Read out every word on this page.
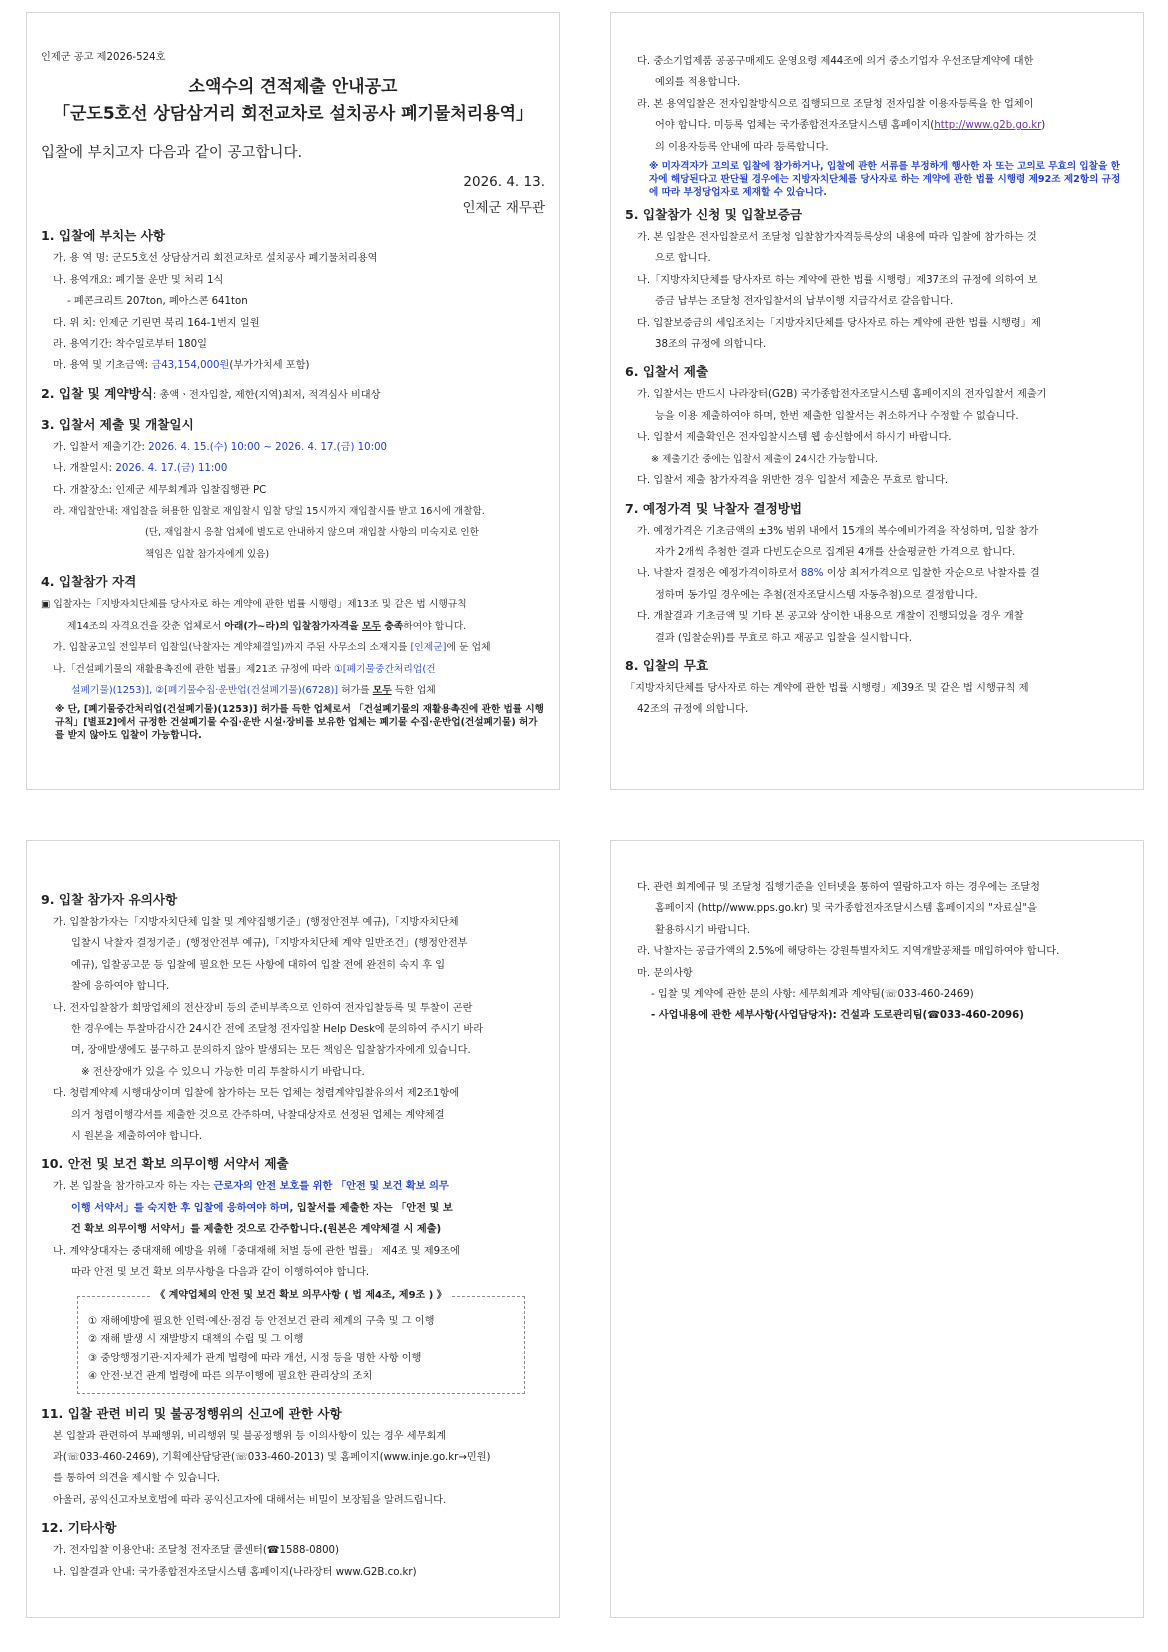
인제군 공고 제2026-524호
소액수의 견적제출 안내공고
「군도5호선 상담삼거리 회전교차로 설치공사 폐기물처리용역」
입찰에 부치고자 다음과 같이 공고합니다.
2026. 4. 13.
인제군 재무관
1. 입찰에 부치는 사항
가. 용 역 명: 군도5호선 상담삼거리 회전교차로 설치공사 폐기물처리용역
나. 용역개요: 폐기물 운반 및 처리 1식
- 폐콘크리트 207ton, 폐아스콘 641ton
다. 위 치: 인제군 기린면 북리 164-1번지 일원
라. 용역기간: 착수일로부터 180일
마. 용역 및 기초금액: 금43,154,000원(부가가치세 포함)
2. 입찰 및 계약방식: 총액ㆍ전자입찰, 제한(지역)최저, 적격심사 비대상
3. 입찰서 제출 및 개찰일시
가. 입찰서 제출기간: 2026. 4. 15.(수) 10:00 ~ 2026. 4. 17.(금) 10:00
나. 개찰일시: 2026. 4. 17.(금) 11:00
다. 개찰장소: 인제군 세무회계과 입찰집행관 PC
라. 재입찰안내: 재입찰을 허용한 입찰로 재입찰시 입찰 당일 15시까지 재입찰시를 받고 16시에 개찰함.
(단, 재입찰시 응찰 업체에 별도로 안내하지 않으며 재입찰 사항의 미숙지로 인한
책임은 입찰 참가자에게 있음)
4. 입찰참가 자격
▣ 입찰자는「지방자치단체를 당사자로 하는 계약에 관한 법률 시행령」제13조 및 같은 법 시행규칙
제14조의 자격요건을 갖춘 업체로서 아래(가~라)의 입찰참가자격을 모두 충족하여야 합니다.
가. 입찰공고일 전일부터 입찰일(낙찰자는 계약체결일)까지 주된 사무소의 소재지를 [인제군]에 둔 업체
나.「건설폐기물의 재활용촉진에 관한 법률」제21조 규정에 따라 ①[폐기물중간처리업(건
설폐기물)(1253)], ②[폐기물수집·운반업(건설폐기물)(6728)] 허가를 모두 득한 업체
※ 단, [폐기물중간처리업(건설폐기물)(1253)] 허가를 득한 업체로서 「건설폐기물의 재활용촉진에 관한 법률 시행규칙」[별표2]에서 규정한 건설폐기물 수집·운반 시설·장비를 보유한 업체는 폐기물 수집·운반업(건설폐기물) 허가를 받지 않아도 입찰이 가능합니다.
다. 중소기업제품 공공구매제도 운영요령 제44조에 의거 중소기업자 우선조달계약에 대한
예외를 적용합니다.
라. 본 용역입찰은 전자입찰방식으로 집행되므로 조달청 전자입찰 이용자등록을 한 업체이
어야 합니다. 미등록 업체는 국가종합전자조달시스템 홈페이지(http://www.g2b.go.kr)
의 이용자등록 안내에 따라 등록합니다.
※ 미자격자가 고의로 입찰에 참가하거나, 입찰에 관한 서류를 부정하게 행사한 자 또는 고의로 무효의 입찰을 한 자에 해당된다고 판단될 경우에는 지방자치단체를 당사자로 하는 계약에 관한 법률 시행령 제92조 제2항의 규정에 따라 부정당업자로 제재할 수 있습니다.
5. 입찰참가 신청 및 입찰보증금
가. 본 입찰은 전자입찰로서 조달청 입찰참가자격등록상의 내용에 따라 입찰에 참가하는 것
으로 합니다.
나.「지방자치단체를 당사자로 하는 계약에 관한 법률 시행령」제37조의 규정에 의하여 보
증금 납부는 조달청 전자입찰서의 납부이행 지급각서로 갈음합니다.
다. 입찰보증금의 세입조치는「지방자치단체를 당사자로 하는 계약에 관한 법률 시행령」제
38조의 규정에 의합니다.
6. 입찰서 제출
가. 입찰서는 반드시 나라장터(G2B) 국가종합전자조달시스템 홈페이지의 전자입찰서 제출기
능을 이용 제출하여야 하며, 한번 제출한 입찰서는 취소하거나 수정할 수 없습니다.
나. 입찰서 제출확인은 전자입찰시스템 웹 송신함에서 하시기 바랍니다.
※ 제출기간 중에는 입찰서 제출이 24시간 가능합니다.
다. 입찰서 제출 참가자격을 위반한 경우 입찰서 제출은 무효로 합니다.
7. 예정가격 및 낙찰자 결정방법
가. 예정가격은 기초금액의 ±3% 범위 내에서 15개의 복수예비가격을 작성하며, 입찰 참가
자가 2개씩 추첨한 결과 다빈도순으로 집계된 4개를 산술평균한 가격으로 합니다.
나. 낙찰자 결정은 예정가격이하로서 88% 이상 최저가격으로 입찰한 자순으로 낙찰자를 결
정하며 동가일 경우에는 추첨(전자조달시스템 자동추첨)으로 결정합니다.
다. 개찰결과 기초금액 및 기타 본 공고와 상이한 내용으로 개찰이 진행되었을 경우 개찰
결과 (입찰순위)를 무효로 하고 재공고 입찰을 실시합니다.
8. 입찰의 무효
「지방자치단체를 당사자로 하는 계약에 관한 법률 시행령」제39조 및 같은 법 시행규칙 제
42조의 규정에 의합니다.
9. 입찰 참가자 유의사항
가. 입찰참가자는「지방자치단체 입찰 및 계약집행기준」(행정안전부 예규),「지방자치단체
입찰시 낙찰자 결정기준」(행정안전부 예규),「지방자치단체 계약 일반조건」(행정안전부
예규), 입찰공고문 등 입찰에 필요한 모든 사항에 대하여 입찰 전에 완전히 숙지 후 입
찰에 응하여야 합니다.
나. 전자입찰참가 희망업체의 전산장비 등의 준비부족으로 인하여 전자입찰등록 및 투찰이 곤란
한 경우에는 투찰마감시간 24시간 전에 조달청 전자입찰 Help Desk에 문의하여 주시기 바라
며, 장애발생에도 불구하고 문의하지 않아 발생되는 모든 책임은 입찰참가자에게 있습니다.
※ 전산장애가 있을 수 있으니 가능한 미리 투찰하시기 바랍니다.
다. 청렴계약제 시행대상이며 입찰에 참가하는 모든 업체는 청렴계약입찰유의서 제2조1항에
의거 청렴이행각서를 제출한 것으로 간주하며, 낙찰대상자로 선정된 업체는 계약체결
시 원본을 제출하여야 합니다.
10. 안전 및 보건 확보 의무이행 서약서 제출
가. 본 입찰을 참가하고자 하는 자는 근로자의 안전 보호를 위한 「안전 및 보건 확보 의무
이행 서약서」를 숙지한 후 입찰에 응하여야 하며, 입찰서를 제출한 자는 「안전 및 보
건 확보 의무이행 서약서」를 제출한 것으로 간주합니다.(원본은 계약체결 시 제출)
나. 계약상대자는 중대재해 예방을 위해「중대재해 처벌 등에 관한 법률」 제4조 및 제9조에
따라 안전 및 보건 확보 의무사항을 다음과 같이 이행하여야 합니다.
《 계약업체의 안전 및 보건 확보 의무사항 ( 법 제4조, 제9조 ) 》
① 재해예방에 필요한 인력·예산·점검 등 안전보건 관리 체계의 구축 및 그 이행
② 재해 발생 시 재발방지 대책의 수립 및 그 이행
③ 중앙행정기관·지자체가 관계 법령에 따라 개선, 시정 등을 명한 사항 이행
④ 안전·보건 관계 법령에 따른 의무이행에 필요한 관리상의 조치
11. 입찰 관련 비리 및 불공정행위의 신고에 관한 사항
본 입찰과 관련하여 부패행위, 비리행위 및 불공정행위 등 이의사항이 있는 경우 세무회계
과(☏033-460-2469), 기획예산담당관(☏033-460-2013) 및 홈페이지(www.inje.go.kr→민원)
를 통하여 의견을 제시할 수 있습니다.
아울러, 공익신고자보호법에 따라 공익신고자에 대해서는 비밀이 보장됨을 알려드립니다.
12. 기타사항
가. 전자입찰 이용안내: 조달청 전자조달 콜센터(☎1588-0800)
나. 입찰결과 안내: 국가종합전자조달시스템 홈페이지(나라장터 www.G2B.co.kr)
다. 관련 회계예규 및 조달청 집행기준을 인터넷을 통하여 열람하고자 하는 경우에는 조달청
홈페이지 (http//www.pps.go.kr) 및 국가종합전자조달시스템 홈페이지의 "자료실"을
활용하시기 바랍니다.
라. 낙찰자는 공급가액의 2.5%에 해당하는 강원특별자치도 지역개발공채를 매입하여야 합니다.
마. 문의사항
- 입찰 및 계약에 관한 문의 사항: 세무회계과 계약팀(☏033-460-2469)
- 사업내용에 관한 세부사항(사업담당자): 건설과 도로관리팀(☎033-460-2096)
